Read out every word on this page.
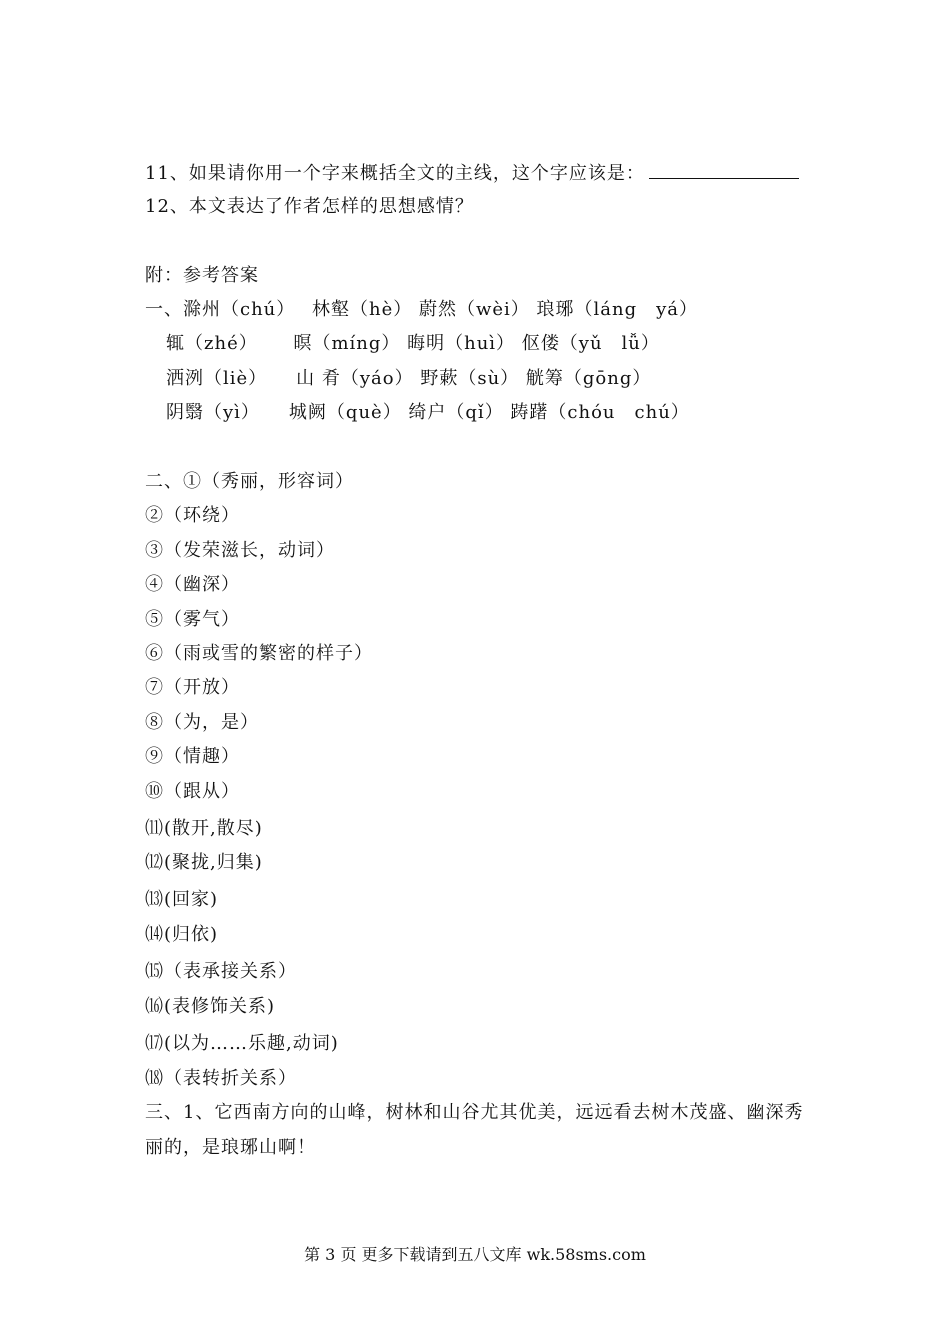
11、如果请你用一个字来概括全文的主线，这个字应该是：
12、本文表达了作者怎样的思想感情？
附：参考答案
一、滁州（chú）　 林壑（hè） 蔚然（wèi） 琅琊（láng　yá）
辄（zhé）　　 暝（míng） 晦明（huì） 伛偻（yǔ　lǚ）
洒洌（liè）　　山 肴（yáo） 野蔌（sù） 觥筹（gōng）
阴翳（yì）　　城阙（què） 绮户（qǐ） 踌躇（chóu　chú）
二、①（秀丽，形容词）
②（环绕）
③（发荣滋长，动词）
④（幽深）
⑤（雾气）
⑥（雨或雪的繁密的样子）
⑦（开放）
⑧（为，是）
⑨（情趣）
⑩（跟从）
⑾(散开,散尽)
⑿(聚拢,归集)
⒀(回家)
⒁(归依)
⒂（表承接关系）
⒃(表修饰关系)
⒄(以为……乐趣,动词)
⒅（表转折关系）
三、1、它西南方向的山峰，树林和山谷尤其优美，远远看去树木茂盛、幽深秀
丽的，是琅琊山啊！
第 3 页 更多下载请到五八文库 wk.58sms.com
